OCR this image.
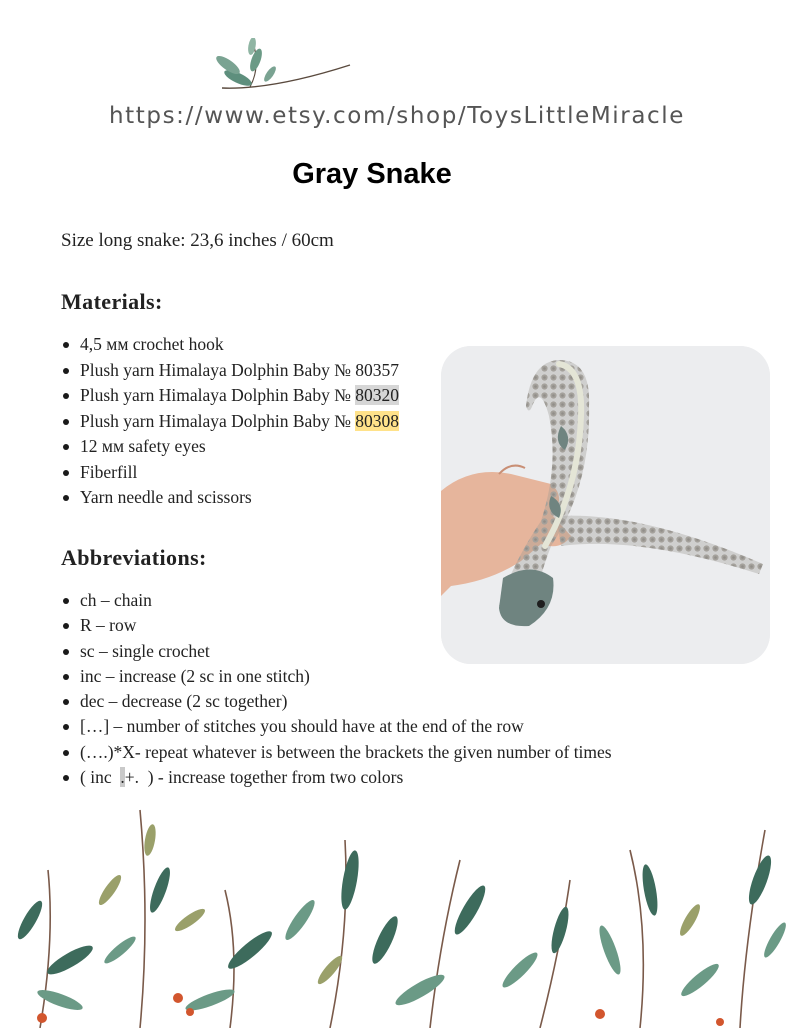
https://www.etsy.com/shop/ToysLittleMiracle
Gray Snake
Size long snake: 23,6 inches / 60cm
Materials:
4,5 мм crochet hook
Plush yarn Himalaya Dolphin Baby № 80357
Plush yarn Himalaya Dolphin Baby № 80320
Plush yarn Himalaya Dolphin Baby № 80308
12 мм safety eyes
Fiberfill
Yarn needle and scissors
Abbreviations:
ch – chain
R – row
sc – single crochet
inc – increase (2 sc in one stitch)
dec – decrease (2 sc together)
[…] – number of stitches you should have at the end of the row
(….)*X- repeat whatever is between the brackets the given number of times
( inc  .+.  ) - increase together from two colors
